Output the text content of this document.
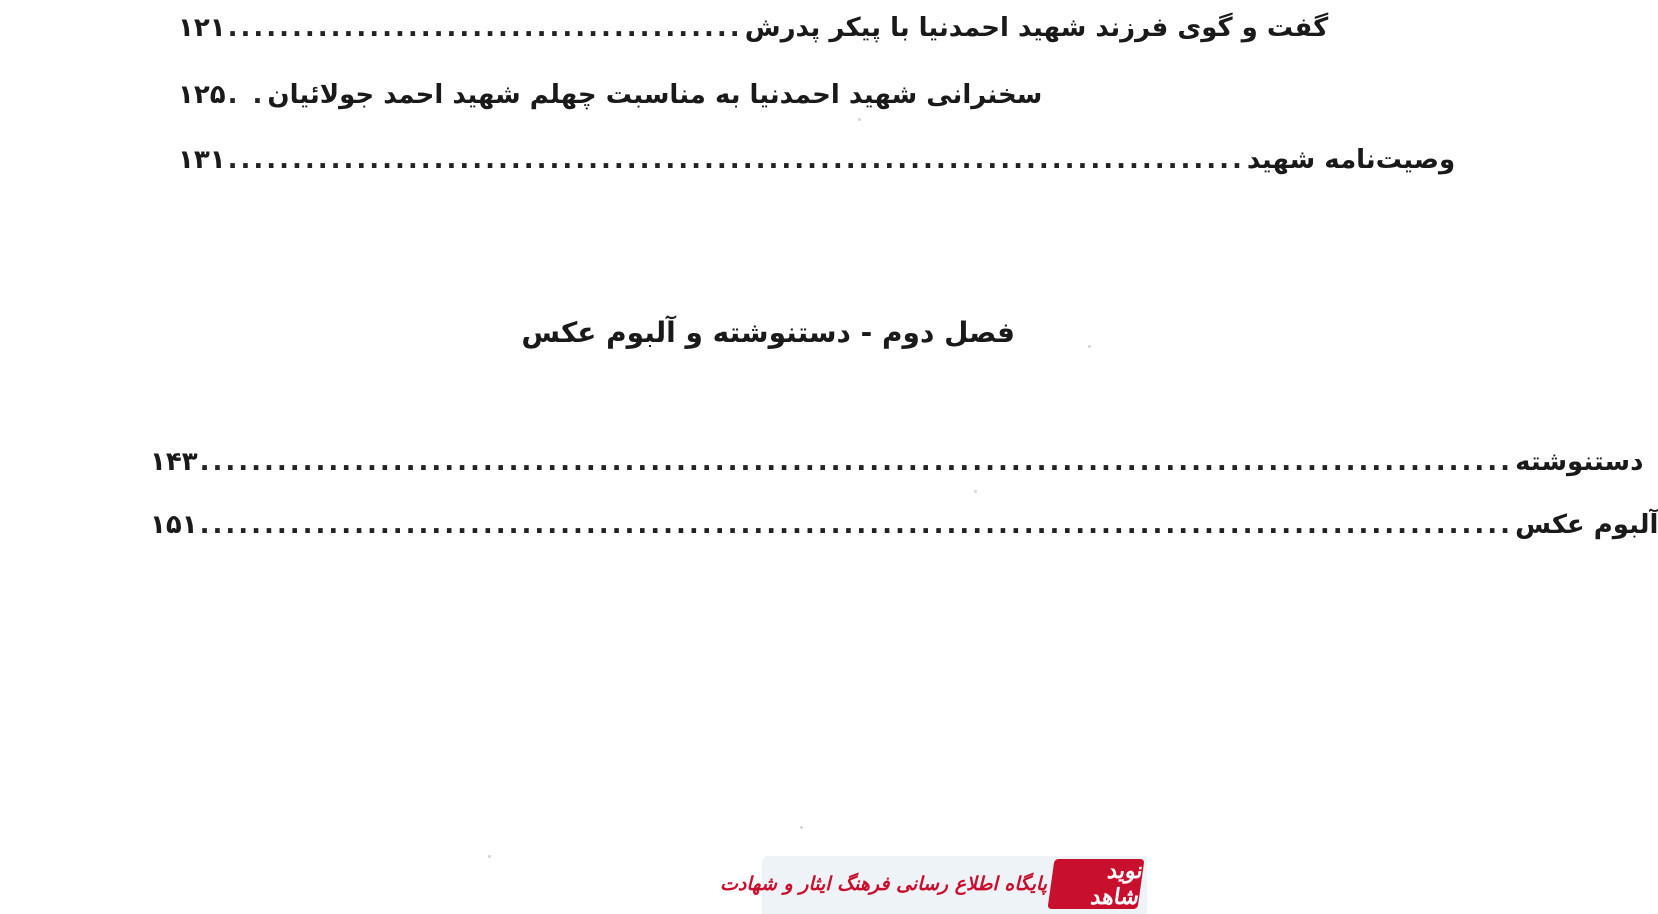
۱۲۱ ........................................ گفت و گوی فرزند شهید احمدنیا با پیکر پدرش
۱۲۵ . . سخنرانی شهید احمدنیا به مناسبت چهلم شهید احمد جولائیان
۱۳۱ ............................................................................... وصیت‌نامه شهید
فصل دوم - دستنوشته و آلبوم عکس
۱۴۳ ...................................................................................................... دستنوشته
۱۵۱ ...................................................................................................... آلبوم عکس
پایگاه اطلاع رسانی فرهنگ ایثار و شهادت	نوید شاهد
